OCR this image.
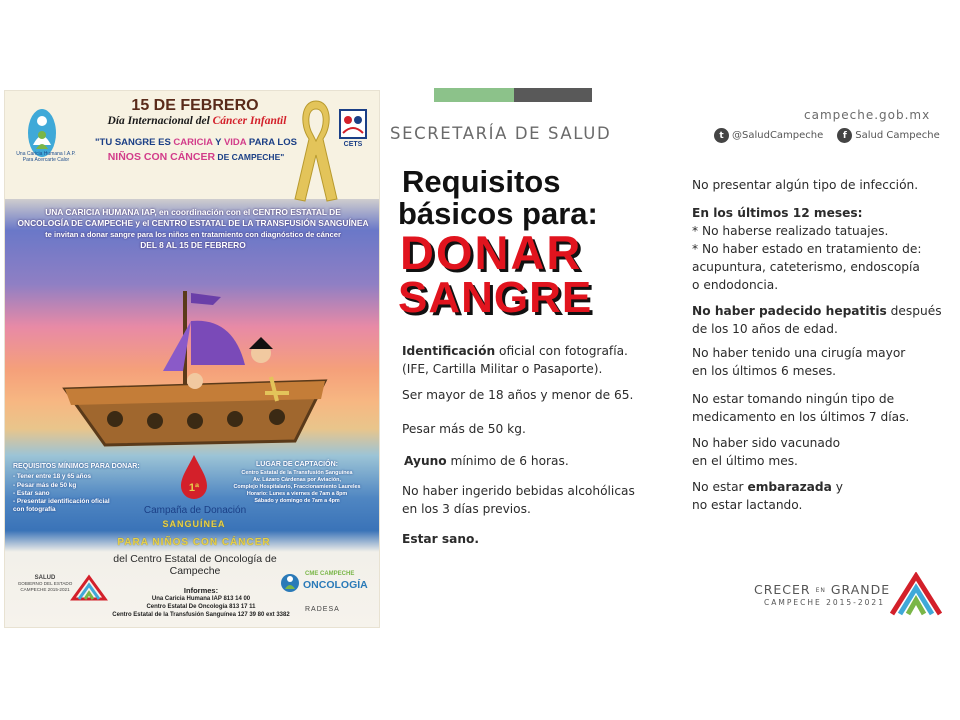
Una Caricia Humana I.A.P.
Para Acercarte Calor
15 DE FEBRERO
Día Internacional del Cáncer Infantil
"TU SANGRE ES CARICIA Y VIDA PARA LOS
NIÑOS CON CÁNCER DE CAMPECHE"
CETS
UNA CARICIA HUMANA IAP, en coordinación con el CENTRO ESTATAL DE
ONCOLOGÍA DE CAMPECHE y el CENTRO ESTATAL DE LA TRANSFUSIÓN SANGUÍNEA
te invitan a donar sangre para los niños en tratamiento con diagnóstico de cáncer
DEL 8 AL 15 DE FEBRERO
REQUISITOS MÍNIMOS PARA DONAR:
- Tener entre 18 y 65 años
- Pesar más de 50 kg
- Estar sano
- Presentar identificación oficial
con fotografía
1ª
LUGAR DE CAPTACIÓN:
Centro Estatal de la Transfusión Sanguínea
Av. Lázaro Cárdenas por Aviación,
Complejo Hospitalario, Fraccionamiento Laureles
Horario: Lunes a viernes de 7am a 8pm
Sábado y domingo de 7am a 4pm
Campaña de Donación
SANGUÍNEA
PARA NIÑOS CON CÁNCER
del Centro Estatal de Oncología de
Campeche
SALUD
GOBIERNO DEL ESTADO
CAMPECHE 2015-2021	Informes:
Una Caricia Humana IAP 813 14 00
Centro Estatal De Oncología 813 17 11
Centro Estatal de la Transfusión Sanguínea 127 39 80 ext 3382
CME CAMPECHE
ONCOLOGÍA
RADESA
SECRETARÍA DE SALUD
campeche.gob.mx
t @SaludCampeche	f Salud Campeche
Requisitos
básicos para:
DONAR
SANGRE
Identificación oficial con fotografía.
(IFE, Cartilla Militar o Pasaporte).
Ser mayor de 18 años y menor de 65.
Pesar más de 50 kg.
Ayuno mínimo de 6 horas.
No haber ingerido bebidas alcohólicas
en los 3 días previos.
Estar sano.
No presentar algún tipo de infección.
En los últimos 12 meses:
* No haberse realizado tatuajes.
* No haber estado en tratamiento de:
acupuntura, cateterismo, endoscopía
o endodoncia.
No haber padecido hepatitis después
de los 10 años de edad.
No haber tenido una cirugía mayor
en los últimos 6 meses.
No estar tomando ningún tipo de
medicamento en los últimos 7 días.
No haber sido vacunado
en el último mes.
No estar embarazada y
no estar lactando.
CRECER EN GRANDE
CAMPECHE 2015-2021
